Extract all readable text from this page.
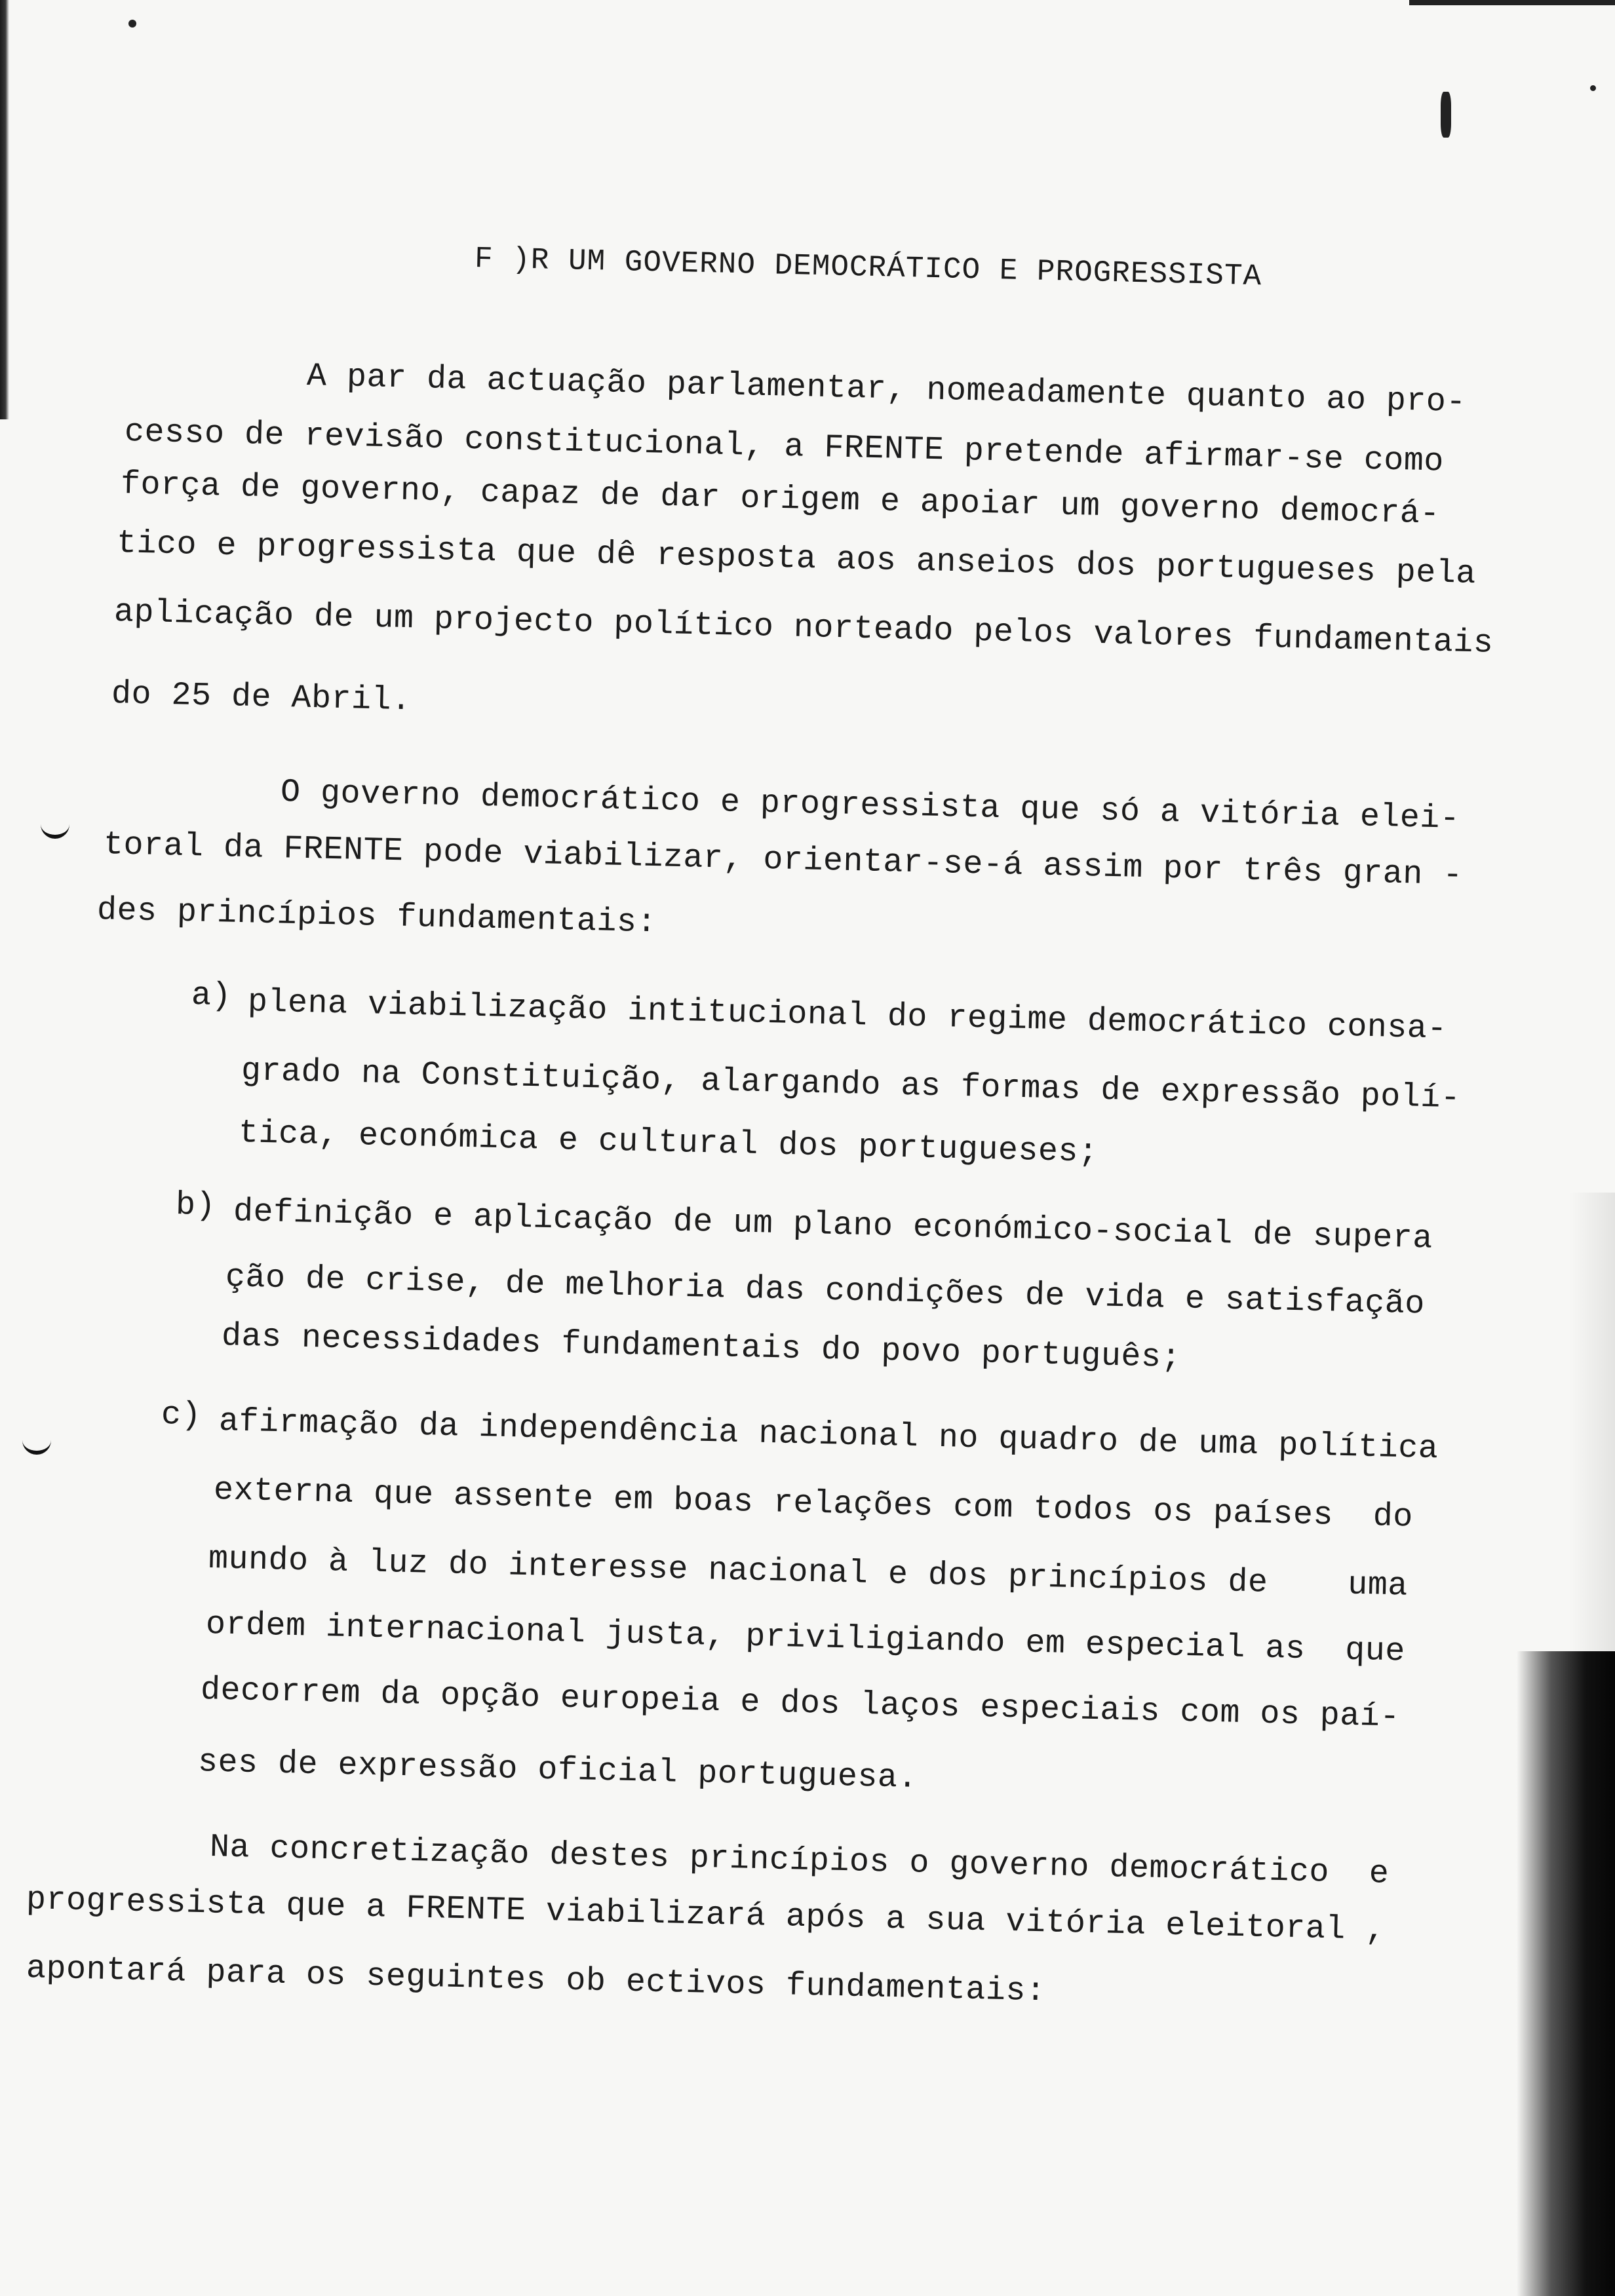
F )R UM GOVERNO DEMOCRÁTICO E PROGRESSISTA
A par da actuação parlamentar, nomeadamente quanto ao pro-
cesso de revisão constitucional, a FRENTE pretende afirmar-se como
força de governo, capaz de dar origem e apoiar um governo democrá-
tico e progressista que dê resposta aos anseios dos portugueses pela
aplicação de um projecto político norteado pelos valores fundamentais
do 25 de Abril.
O governo democrático e progressista que só a vitória elei-
toral da FRENTE pode viabilizar, orientar-se-á assim por três gran -
des princípios fundamentais:
a) plena viabilização intitucional do regime democrático consa-
grado na Constituição, alargando as formas de expressão polí-
tica, económica e cultural dos portugueses;
b) definição e aplicação de um plano económico-social de supera
ção de crise, de melhoria das condições de vida e satisfação
das necessidades fundamentais do povo português;
c) afirmação da independência nacional no quadro de uma política
externa que assente em boas relações com todos os países  do
mundo à luz do interesse nacional e dos princípios de    uma
ordem internacional justa, priviligiando em especial as  que
decorrem da opção europeia e dos laços especiais com os paí-
ses de expressão oficial portuguesa.
Na concretização destes princípios o governo democrático  e
progressista que a FRENTE viabilizará após a sua vitória eleitoral ,
apontará para os seguintes ob ectivos fundamentais:
